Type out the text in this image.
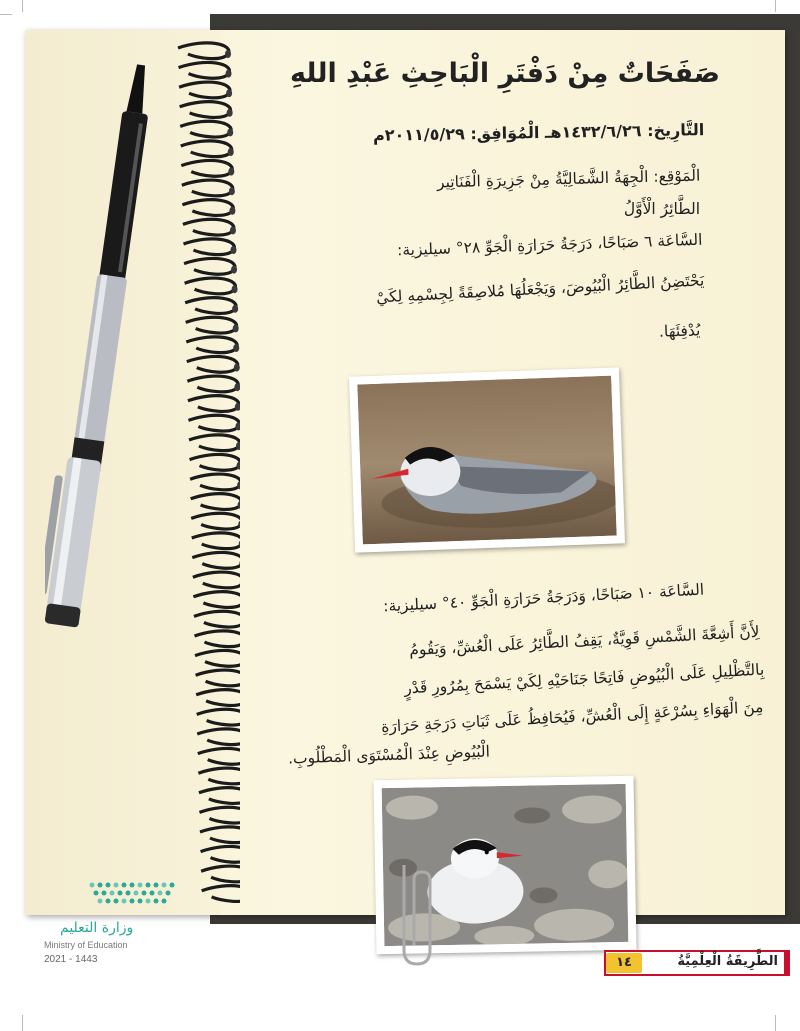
صَفَحَاتٌ مِنْ دَفْتَرِ الْبَاحِثِ عَبْدِ اللهِ
التَّارِيخ: ١٤٣٢/٦/٢٦هـ الْمُوَافِق: ٢٠١١/٥/٢٩م
الْمَوْقِع: الْجِهَةُ الشَّمَالِيَّةُ مِنْ جَزِيرَةِ الْفَنَاتِير
الطَّائِرُ الْأَوَّلُ
السَّاعَة ٦ صَبَاحًا، دَرَجَةُ حَرَارَةِ الْجَوِّ ٢٨° سيليزية:
يَحْتَضِنُ الطَّائِرُ الْبُيُوضَ، وَيَجْعَلُهَا مُلاصِقَةً لِجِسْمِهِ لِكَيْ
يُدْفِئَهَا.
السَّاعَة ١٠ صَبَاحًا، وَدَرَجَةُ حَرَارَةِ الْجَوِّ ٤٠° سيليزية:
لِأَنَّ أَشِعَّةَ الشَّمْسِ قَوِيَّةٌ، يَقِفُ الطَّائِرُ عَلَى الْعُشِّ، وَيَقُومُ
بِالتَّظْلِيلِ عَلَى الْبُيُوضِ فَاتِحًا جَنَاحَيْهِ لِكَيْ يَسْمَحَ بِمُرُورِ قَدْرٍ
مِنَ الْهَوَاءِ بِسُرْعَةٍ إِلَى الْعُشِّ، فَيُحَافِظُ عَلَى ثَبَاتِ دَرَجَةِ حَرَارَةِ
الْبُيُوضِ عِنْدَ الْمُسْتَوَى الْمَطْلُوبِ.
وزارة التعليم
Ministry of Education
2021 - 1443	١٤	الطَّرِيقَةُ الْعِلْمِيَّةُ
